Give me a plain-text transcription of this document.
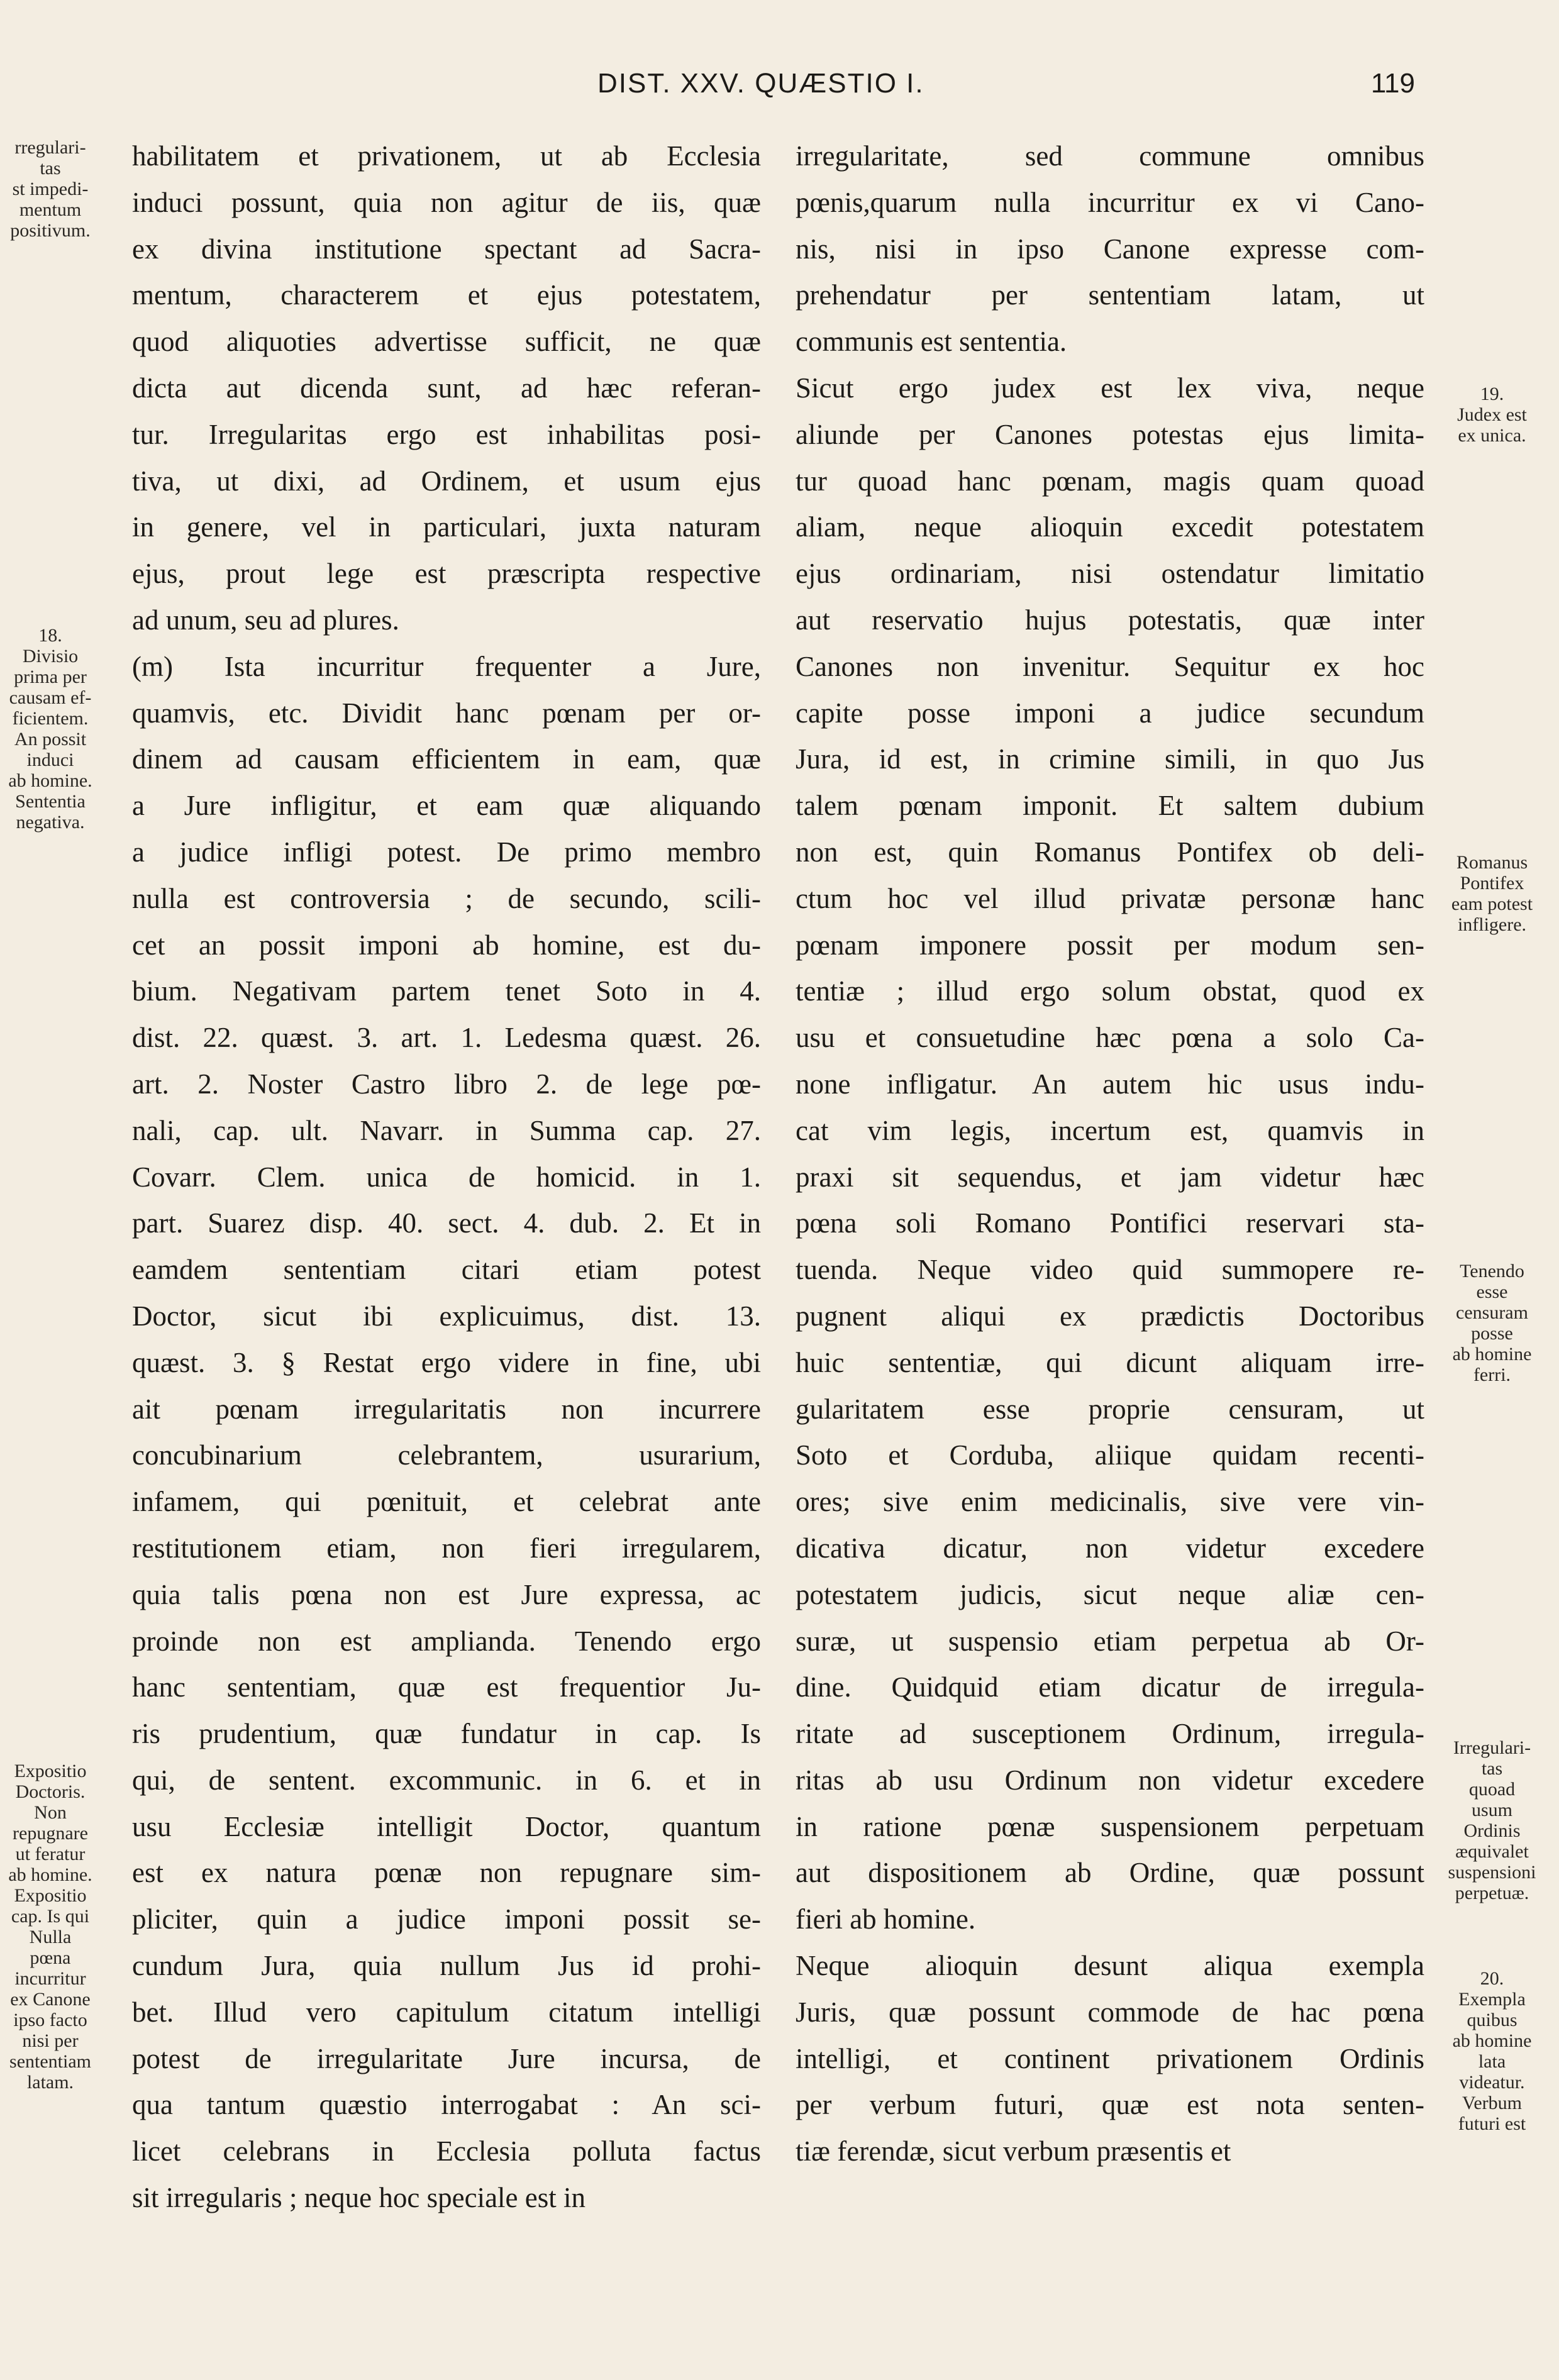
DIST. XXV. QUÆSTIO I.	119
habilitatem et privationem, ut ab Ecclesia
induci possunt, quia non agitur de iis, quæ
ex divina institutione spectant ad Sacra-
mentum, characterem et ejus potestatem,
quod aliquoties advertisse sufficit, ne quæ
dicta aut dicenda sunt, ad hæc referan-
tur. Irregularitas ergo est inhabilitas posi-
tiva, ut dixi, ad Ordinem, et usum ejus
in genere, vel in particulari, juxta naturam
ejus, prout lege est præscripta respective
ad unum, seu ad plures.
(m) Ista incurritur frequenter a Jure,
quamvis, etc. Dividit hanc pœnam per or-
dinem ad causam efficientem in eam, quæ
a Jure infligitur, et eam quæ aliquando
a judice infligi potest. De primo membro
nulla est controversia ; de secundo, scili-
cet an possit imponi ab homine, est du-
bium. Negativam partem tenet Soto in 4.
dist. 22. quæst. 3. art. 1. Ledesma quæst. 26.
art. 2. Noster Castro libro 2. de lege pœ-
nali, cap. ult. Navarr. in Summa cap. 27.
Covarr. Clem. unica de homicid. in 1.
part. Suarez disp. 40. sect. 4. dub. 2. Et in
eamdem sententiam citari etiam potest
Doctor, sicut ibi explicuimus, dist. 13.
quæst. 3. § Restat ergo videre in fine, ubi
ait pœnam irregularitatis non incurrere
concubinarium celebrantem, usurarium,
infamem, qui pœnituit, et celebrat ante
restitutionem etiam, non fieri irregularem,
quia talis pœna non est Jure expressa, ac
proinde non est amplianda. Tenendo ergo
hanc sententiam, quæ est frequentior Ju-
ris prudentium, quæ fundatur in cap. Is
qui, de sentent. excommunic. in 6. et in
usu Ecclesiæ intelligit Doctor, quantum
est ex natura pœnæ non repugnare sim-
pliciter, quin a judice imponi possit se-
cundum Jura, quia nullum Jus id prohi-
bet. Illud vero capitulum citatum intelligi
potest de irregularitate Jure incursa, de
qua tantum quæstio interrogabat : An sci-
licet celebrans in Ecclesia polluta factus
sit irregularis ; neque hoc speciale est in
irregularitate, sed commune omnibus
pœnis,quarum nulla incurritur ex vi Cano-
nis, nisi in ipso Canone expresse com-
prehendatur per sententiam latam, ut
communis est sententia.
Sicut ergo judex est lex viva, neque
aliunde per Canones potestas ejus limita-
tur quoad hanc pœnam, magis quam quoad
aliam, neque alioquin excedit potestatem
ejus ordinariam, nisi ostendatur limitatio
aut reservatio hujus potestatis, quæ inter
Canones non invenitur. Sequitur ex hoc
capite posse imponi a judice secundum
Jura, id est, in crimine simili, in quo Jus
talem pœnam imponit. Et saltem dubium
non est, quin Romanus Pontifex ob deli-
ctum hoc vel illud privatæ personæ hanc
pœnam imponere possit per modum sen-
tentiæ ; illud ergo solum obstat, quod ex
usu et consuetudine hæc pœna a solo Ca-
none infligatur. An autem hic usus indu-
cat vim legis, incertum est, quamvis in
praxi sit sequendus, et jam videtur hæc
pœna soli Romano Pontifici reservari sta-
tuenda. Neque video quid summopere re-
pugnent aliqui ex prædictis Doctoribus
huic sententiæ, qui dicunt aliquam irre-
gularitatem esse proprie censuram, ut
Soto et Corduba, aliique quidam recenti-
ores; sive enim medicinalis, sive vere vin-
dicativa dicatur, non videtur excedere
potestatem judicis, sicut neque aliæ cen-
suræ, ut suspensio etiam perpetua ab Or-
dine. Quidquid etiam dicatur de irregula-
ritate ad susceptionem Ordinum, irregula-
ritas ab usu Ordinum non videtur excedere
in ratione pœnæ suspensionem perpetuam
aut dispositionem ab Ordine, quæ possunt
fieri ab homine.
Neque alioquin desunt aliqua exempla
Juris, quæ possunt commode de hac pœna
intelligi, et continent privationem Ordinis
per verbum futuri, quæ est nota senten-
tiæ ferendæ, sicut verbum præsentis et
rregulari-
tas
st impedi-
mentum
positivum.
18.
Divisio
prima per
causam ef-
ficientem.
An possit
induci
ab homine.
Sententia
negativa.
Expositio
Doctoris.
Non
repugnare
ut feratur
ab homine.
Expositio
cap. Is qui
Nulla
pœna
incurritur
ex Canone
ipso facto
nisi per
sententiam
latam.
19.
Judex est
ex unica.
Romanus
Pontifex
eam potest
infligere.
Tenendo
esse
censuram
posse
ab homine
ferri.
Irregulari-
tas
quoad
usum
Ordinis
æquivalet
suspensioni
perpetuæ.
20.
Exempla
quibus
ab homine
lata
videatur.
Verbum
futuri est
